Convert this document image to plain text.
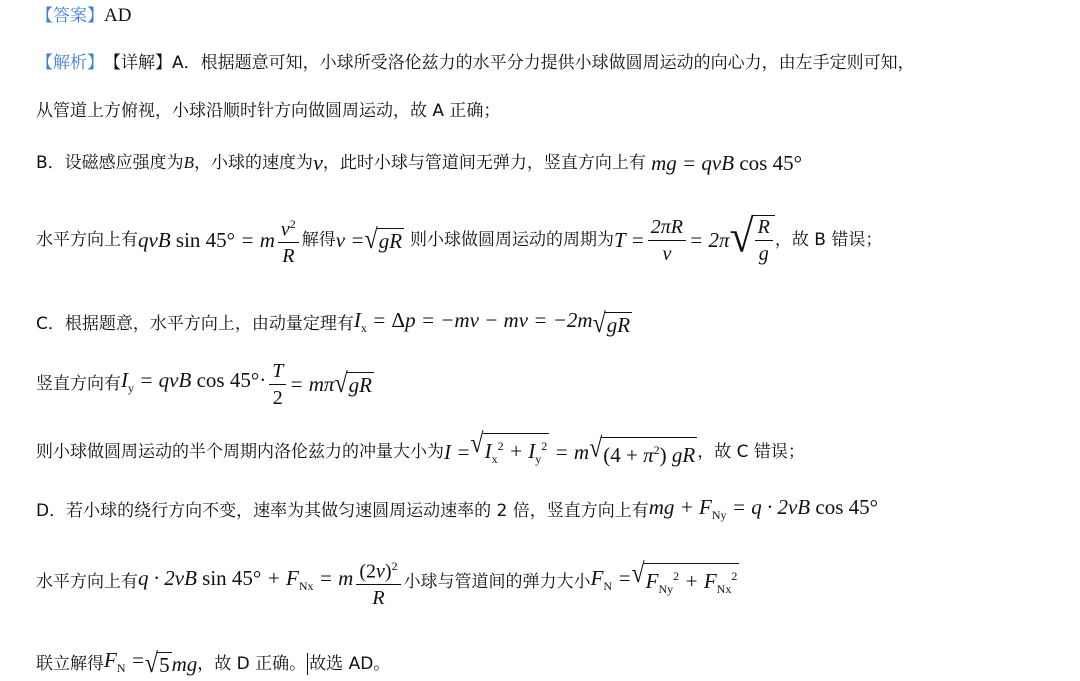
【答案】 AD
【解析】 【详解】 A．根据题意可知，小球所受洛伦兹力的水平分力提供小球做圆周运动的向心力，由左手定则可知，
从管道上方俯视，小球沿顺时针方向做圆周运动，故 A 正确；
B．设磁感应强度为 B ，小球的速度为 v ，此时小球与管道间无弹力，竖直方向上有 mg = qvB cos 45°
水平方向上有 qvB sin 45° = m $\frac{v^2}{R}$ 解得 v = √ gR 则小球做圆周运动的周期为 $T = \frac{2\pi R}{v} = 2\pi$ √ $\frac{R}{g}$ ，故 B 错误；
C．根据题意，水平方向上，由动量定理有 $I_x = \Delta p = -mv$ − mv = −2m √ gR
竖直方向有 $I_y$ = qvB $\cos 45^\circ\cdot \frac{T}{2} = m\pi$ √ gR
则小球做圆周运动的半个周期内洛伦兹力的冲量大小为 I = √ $I_x^2 + I_y^2 = m$ √ $(4 + \pi^2)$ gR ，故 C 错误；
D．若小球的绕行方向不变，速率为其做匀速圆周运动速率的 2 倍，竖直方向上有 mg + $F_{Ny} = q \cdot 2vB$ cos 45°
水平方向上有 q · 2vB $\sin 45^\circ + F_{Nx} = m \frac{(2v)^2}{R}$ 小球与管道间的弹力大小 $F_N$ = √ $F_{Ny}^2 + F_{Nx}^2$
联立解得 $F_N$ = √ 5 mg ，故 D 正确。 故选 AD。
